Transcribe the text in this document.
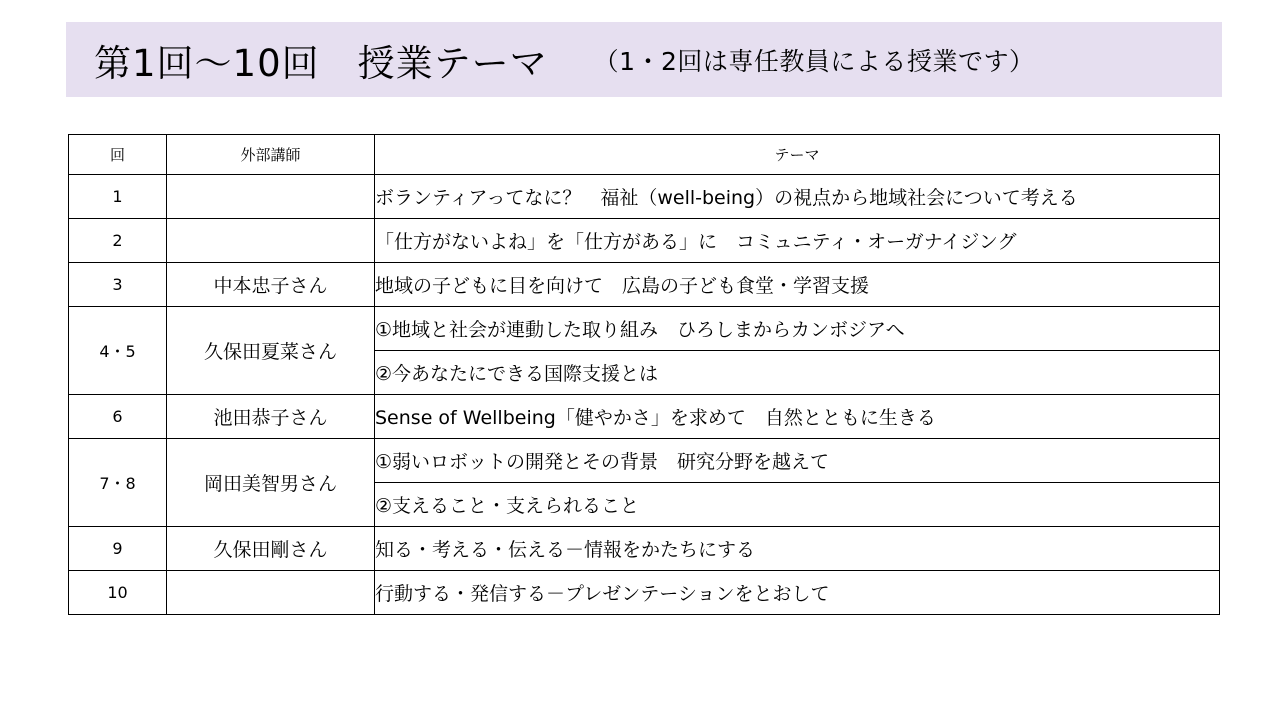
第1回～10回　授業テーマ （1・2回は専任教員による授業です）
回	外部講師	テーマ
1		ボランティアってなに？　福祉（well-being）の視点から地域社会について考える
2		「仕方がないよね」を「仕方がある」に　コミュニティ・オーガナイジング
3	中本忠子さん	地域の子どもに目を向けて　広島の子ども食堂・学習支援
4・5	久保田夏菜さん	①地域と社会が連動した取り組み　ひろしまからカンボジアへ
		②今あなたにできる国際支援とは
6	池田恭子さん	Sense of Wellbeing「健やかさ」を求めて　自然とともに生きる
7・8	岡田美智男さん	①弱いロボットの開発とその背景　研究分野を越えて
		②支えること・支えられること
9	久保田剛さん	知る・考える・伝える－情報をかたちにする
10		行動する・発信する－プレゼンテーションをとおして
